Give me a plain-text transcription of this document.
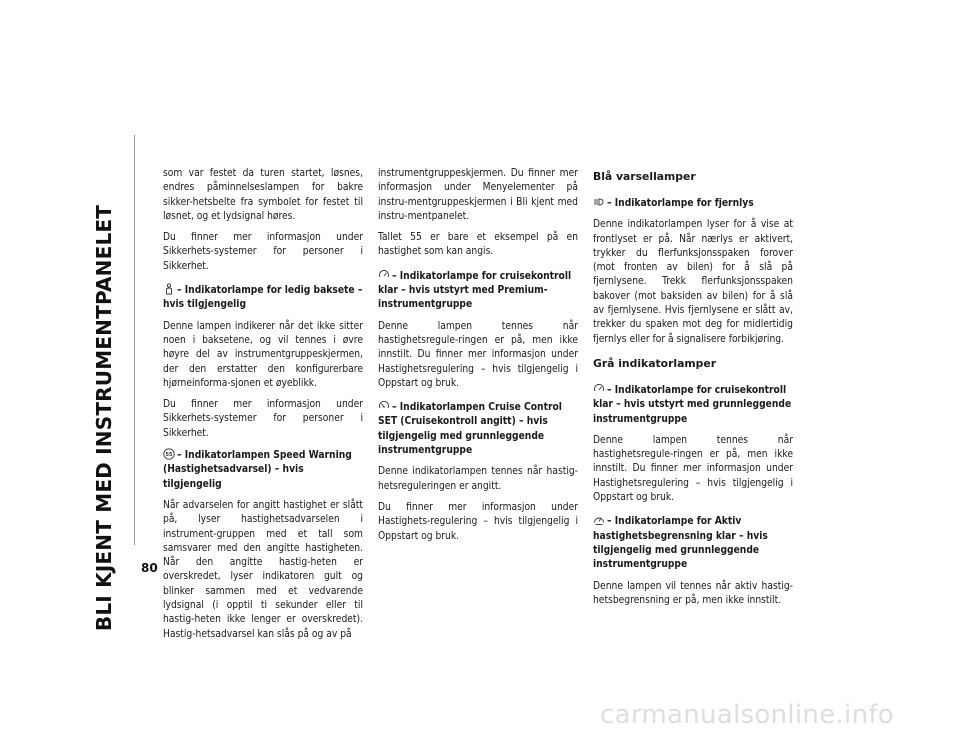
BLI KJENT MED INSTRUMENTPANELET 80

som var festet da turen startet, løsnes, endres påminnelseslampen for bakre sikker-hetsbelte fra symbolet for festet til løsnet, og et lydsignal høres.

Du finner mer informasjon under Sikkerhets-systemer for personer i Sikkerhet.

– Indikatorlampe for ledig baksete – hvis tilgjengelig

Denne lampen indikerer når det ikke sitter noen i baksetene, og vil tennes i øvre høyre del av instrumentgruppeskjermen, der den erstatter den konfigurerbare hjørneinforma-sjonen et øyeblikk.

Du finner mer informasjon under Sikkerhets-systemer for personer i Sikkerhet.

55 – Indikatorlampen Speed Warning (Hastighetsadvarsel) – hvis tilgjengelig

Når advarselen for angitt hastighet er slått på, lyser hastighetsadvarselen i instrument-gruppen med et tall som samsvarer med den angitte hastigheten. Når den angitte hastig-heten er overskredet, lyser indikatoren gult og blinker sammen med et vedvarende lydsignal (i opptil ti sekunder eller til hastig-heten ikke lenger er overskredet). Hastig-hetsadvarsel kan slås på og av på

instrumentgruppeskjermen. Du finner mer informasjon under Menyelementer på instru-mentgruppeskjermen i Bli kjent med instru-mentpanelet.

Tallet 55 er bare et eksempel på en hastighet som kan angis.

– Indikatorlampe for cruisekontroll klar – hvis utstyrt med Premium-instrumentgruppe

Denne lampen tennes når hastighetsregule-ringen er på, men ikke innstilt. Du finner mer informasjon under Hastighetsregulering – hvis tilgjengelig i Oppstart og bruk.

– Indikatorlampen Cruise Control SET (Cruisekontroll angitt) – hvis tilgjengelig med grunnleggende instrumentgruppe

Denne indikatorlampen tennes når hastig-hetsreguleringen er angitt.

Du finner mer informasjon under Hastighets-regulering – hvis tilgjengelig i Oppstart og bruk.

Blå varsellamper
– Indikatorlampe for fjernlys

Denne indikatorlampen lyser for å vise at frontlyset er på. Når nærlys er aktivert, trykker du flerfunksjonsspaken forover (mot fronten av bilen) for å slå på fjernlysene. Trekk flerfunksjonsspaken bakover (mot baksiden av bilen) for å slå av fjernlysene. Hvis fjernlysene er slått av, trekker du spaken mot deg for midlertidig fjernlys eller for å signalisere forbikjøring.

Grå indikatorlamper
– Indikatorlampe for cruisekontroll klar – hvis utstyrt med grunnleggende instrumentgruppe

Denne lampen tennes når hastighetsregule-ringen er på, men ikke innstilt. Du finner mer informasjon under Hastighetsregulering – hvis tilgjengelig i Oppstart og bruk.

– Indikatorlampe for Aktiv hastighetsbegrensning klar – hvis tilgjengelig med grunnleggende instrumentgruppe

Denne lampen vil tennes når aktiv hastig-hetsbegrensning er på, men ikke innstilt.

carmanualsonline.info
